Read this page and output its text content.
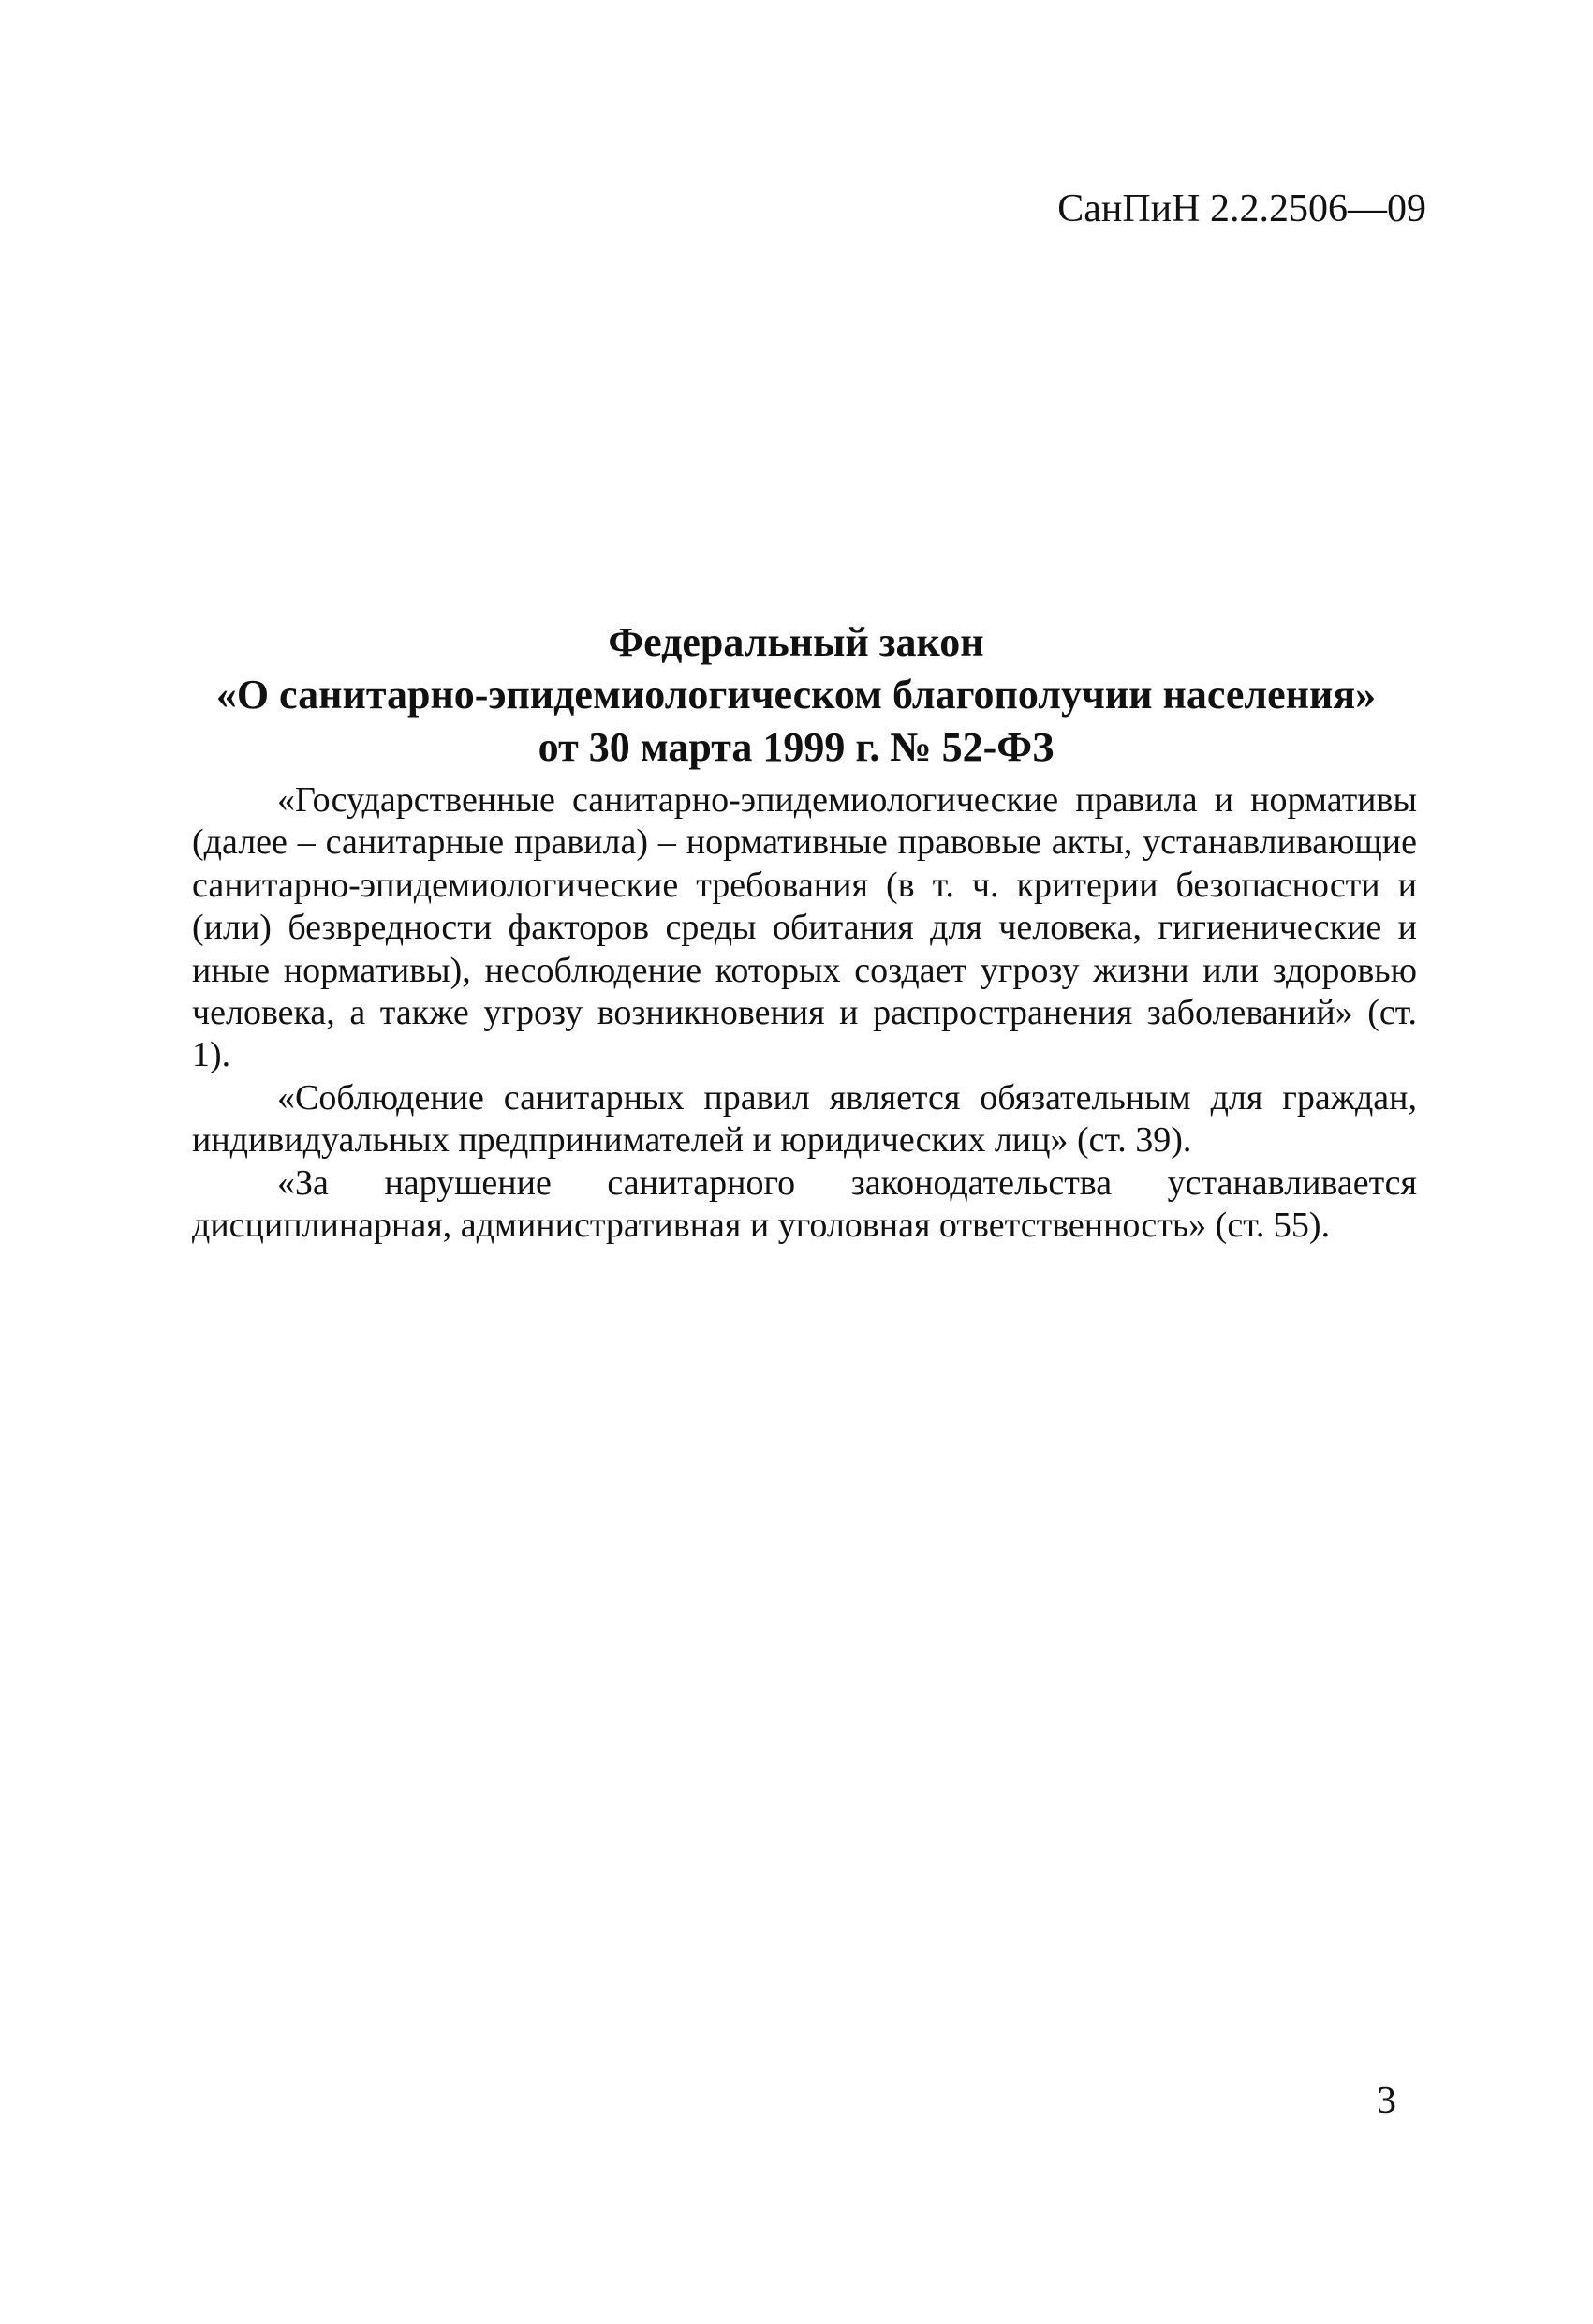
СанПиН 2.2.2506—09
Федеральный закон
«О санитарно-эпидемиологическом благополучии населения»
от 30 марта 1999 г. № 52-ФЗ

«Государственные санитарно-эпидемиологические правила и нормативы (далее – санитарные правила) – нормативные правовые акты, устанавливающие санитарно-эпидемиологические требования (в т. ч. критерии безопасности и (или) безвредности факторов среды обитания для человека, гигиенические и иные нормативы), несоблюдение которых создает угрозу жизни или здоровью человека, а также угрозу возникновения и распространения заболеваний» (ст. 1).

«Соблюдение санитарных правил является обязательным для граждан, индивидуальных предпринимателей и юридических лиц» (ст. 39).

«За нарушение санитарного законодательства устанавливается дисциплинарная, административная и уголовная ответственность» (ст. 55).

3
